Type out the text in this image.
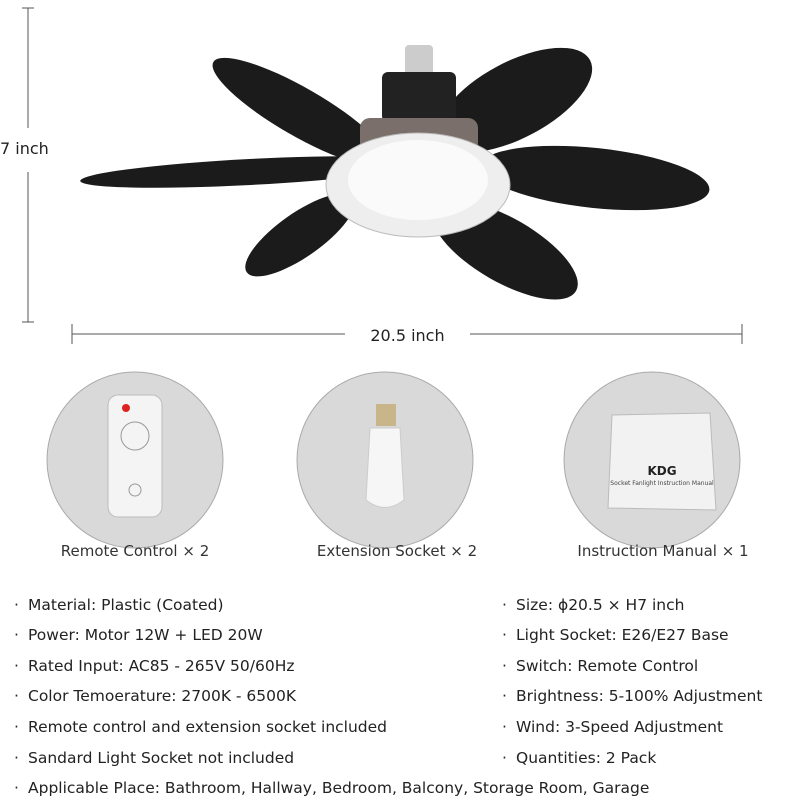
KDG
Socket Fanlight Instruction Manual
7 inch
20.5 inch
Remote Control × 2	Extension Socket × 2	Instruction Manual × 1
· Material: Plastic (Coated)
· Power: Motor 12W + LED 20W
· Rated Input: AC85 - 265V 50/60Hz
· Color Temoerature: 2700K - 6500K
· Remote control and extension socket included
· Sandard Light Socket not included
· Applicable Place: Bathroom, Hallway, Bedroom, Balcony, Storage Room, Garage
· Size: ϕ20.5 × H7 inch
· Light Socket: E26/E27 Base
· Switch: Remote Control
· Brightness: 5-100% Adjustment
· Wind: 3-Speed Adjustment
· Quantities: 2 Pack
